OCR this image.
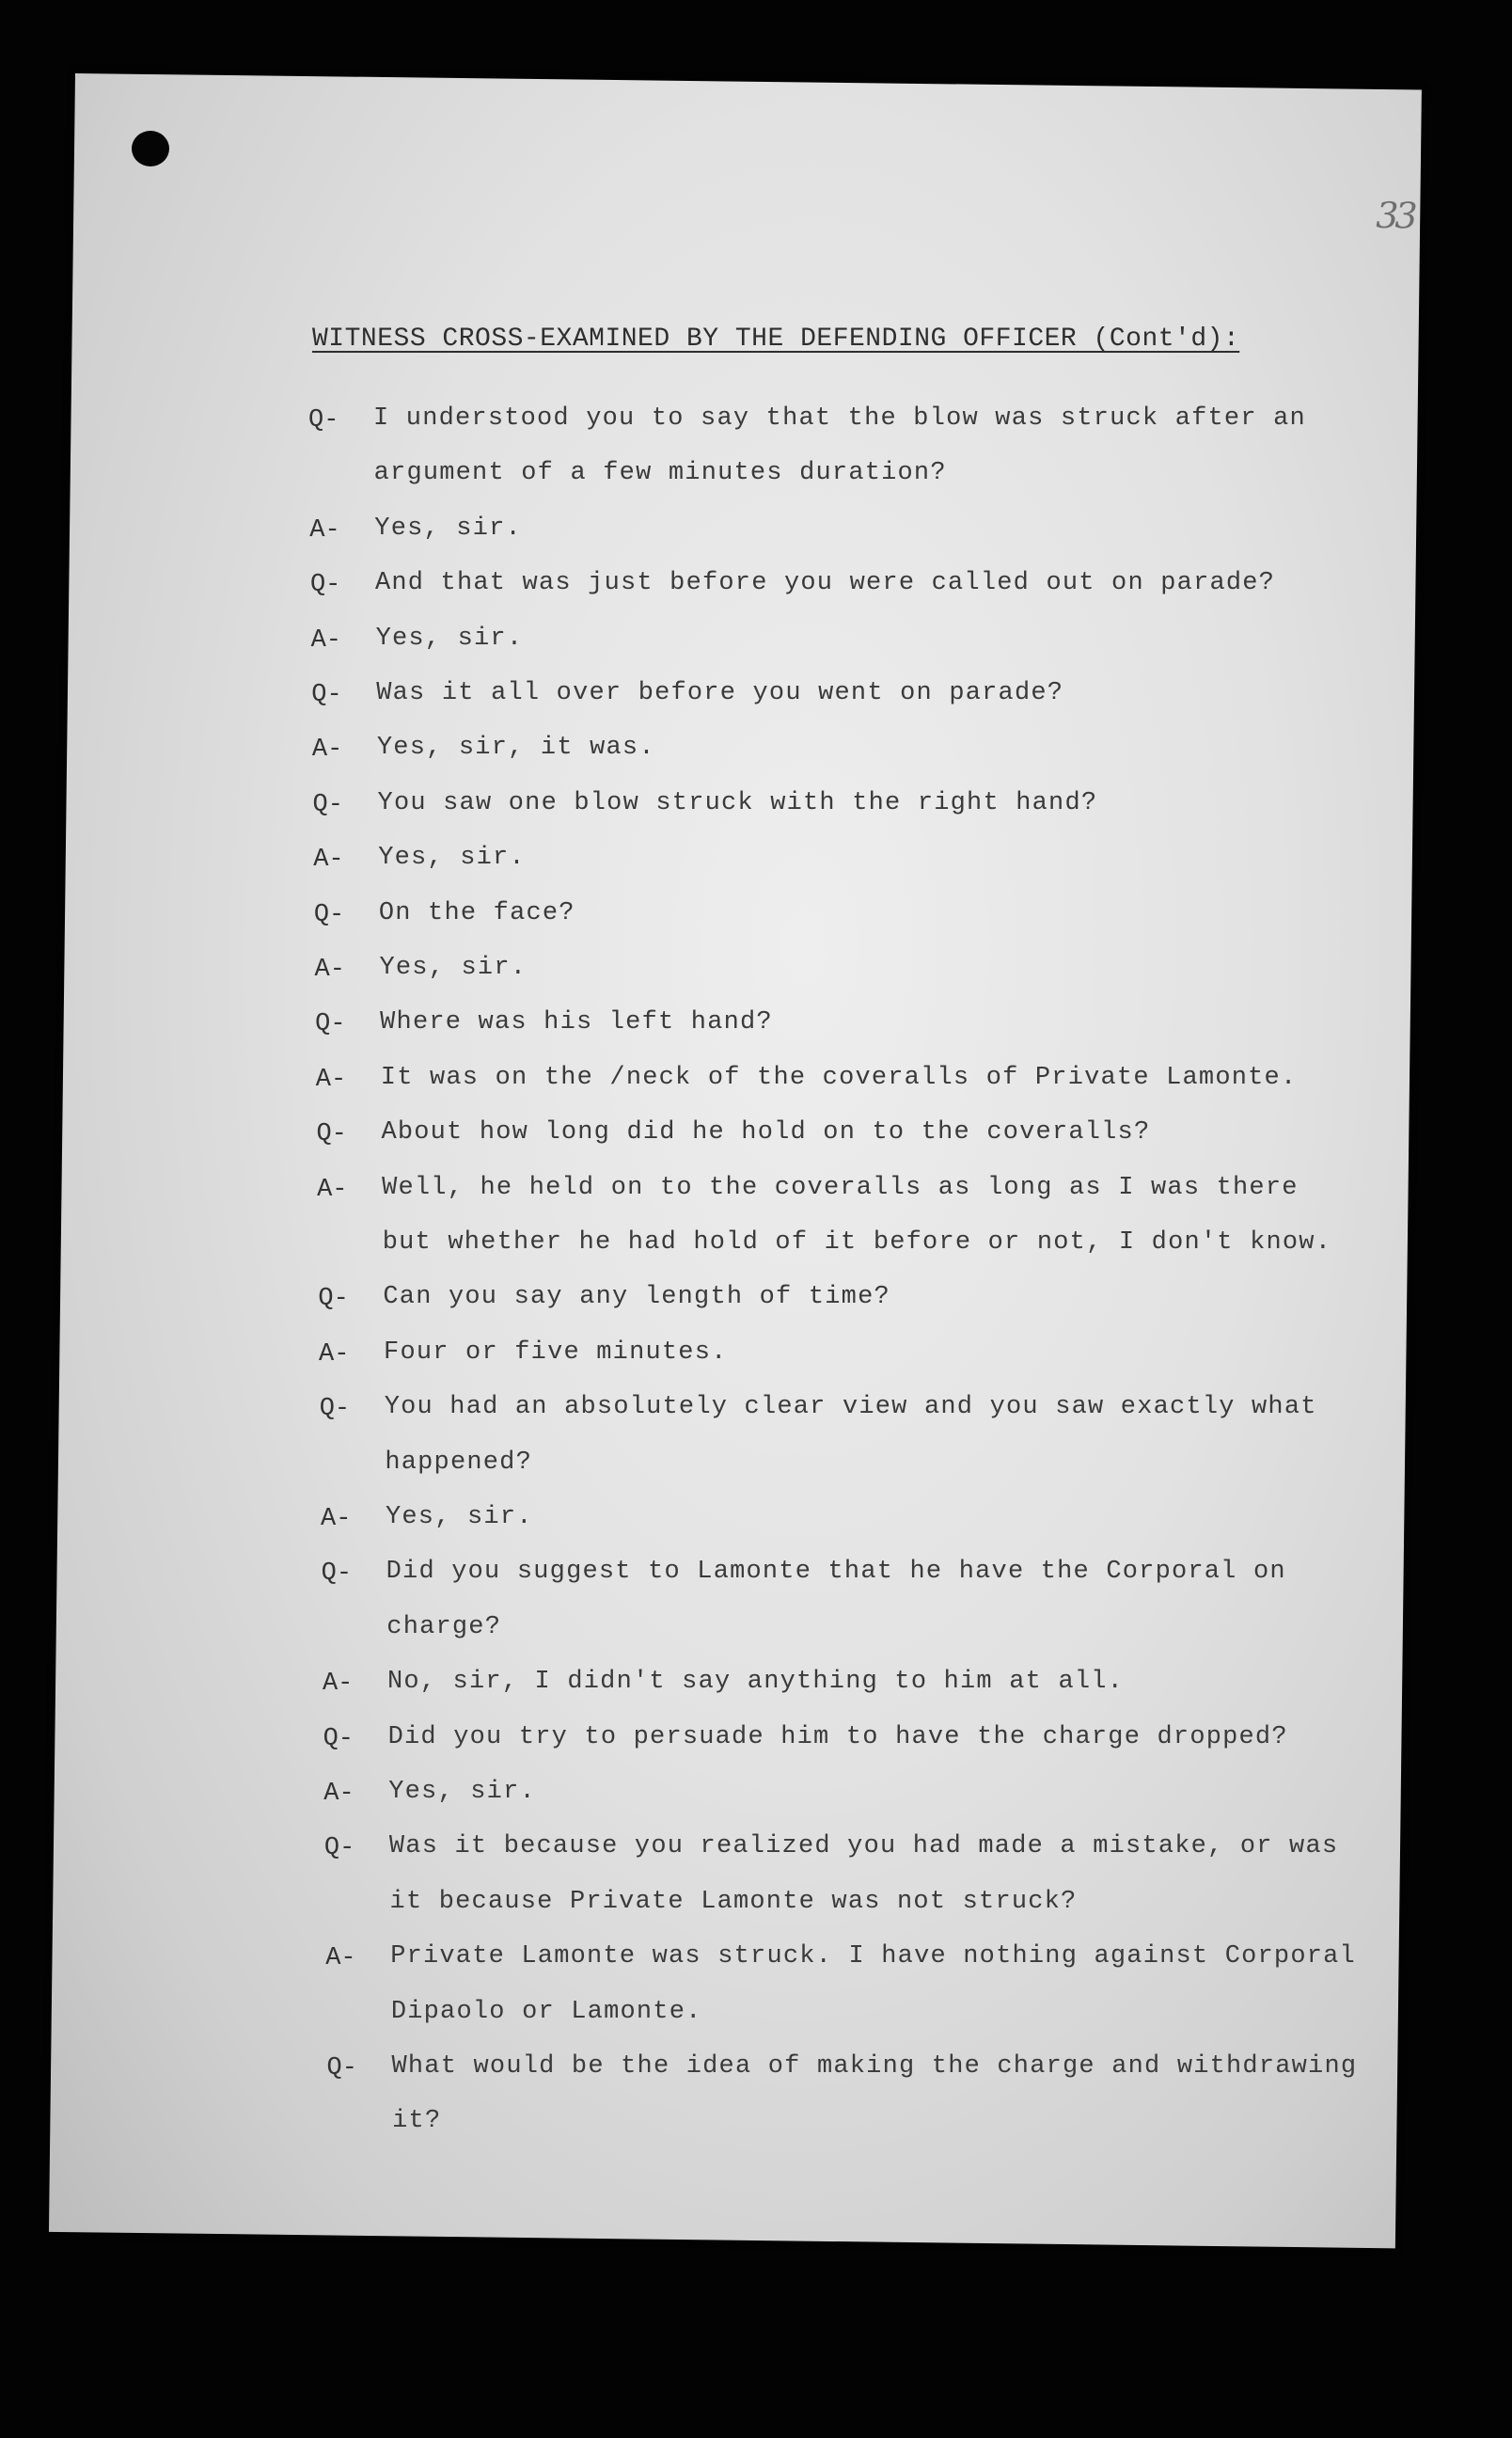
33
WITNESS CROSS-EXAMINED BY THE DEFENDING OFFICER (Cont'd):
Q- I understood you to say that the blow was struck after an
argument of a few minutes duration?
A- Yes, sir.
Q- And that was just before you were called out on parade?
A- Yes, sir.
Q- Was it all over before you went on parade?
A- Yes, sir, it was.
Q- You saw one blow struck with the right hand?
A- Yes, sir.
Q- On the face?
A- Yes, sir.
Q- Where was his left hand?
A- It was on the /neck of the coveralls of Private Lamonte.
Q- About how long did he hold on to the coveralls?
A- Well, he held on to the coveralls as long as I was there
but whether he had hold of it before or not, I don't know.
Q- Can you say any length of time?
A- Four or five minutes.
Q- You had an absolutely clear view and you saw exactly what
happened?
A- Yes, sir.
Q- Did you suggest to Lamonte that he have the Corporal on
charge?
A- No, sir, I didn't say anything to him at all.
Q- Did you try to persuade him to have the charge dropped?
A- Yes, sir.
Q- Was it because you realized you had made a mistake, or was
it because Private Lamonte was not struck?
A- Private Lamonte was struck. I have nothing against Corporal
Dipaolo or Lamonte.
Q- What would be the idea of making the charge and withdrawing
it?
